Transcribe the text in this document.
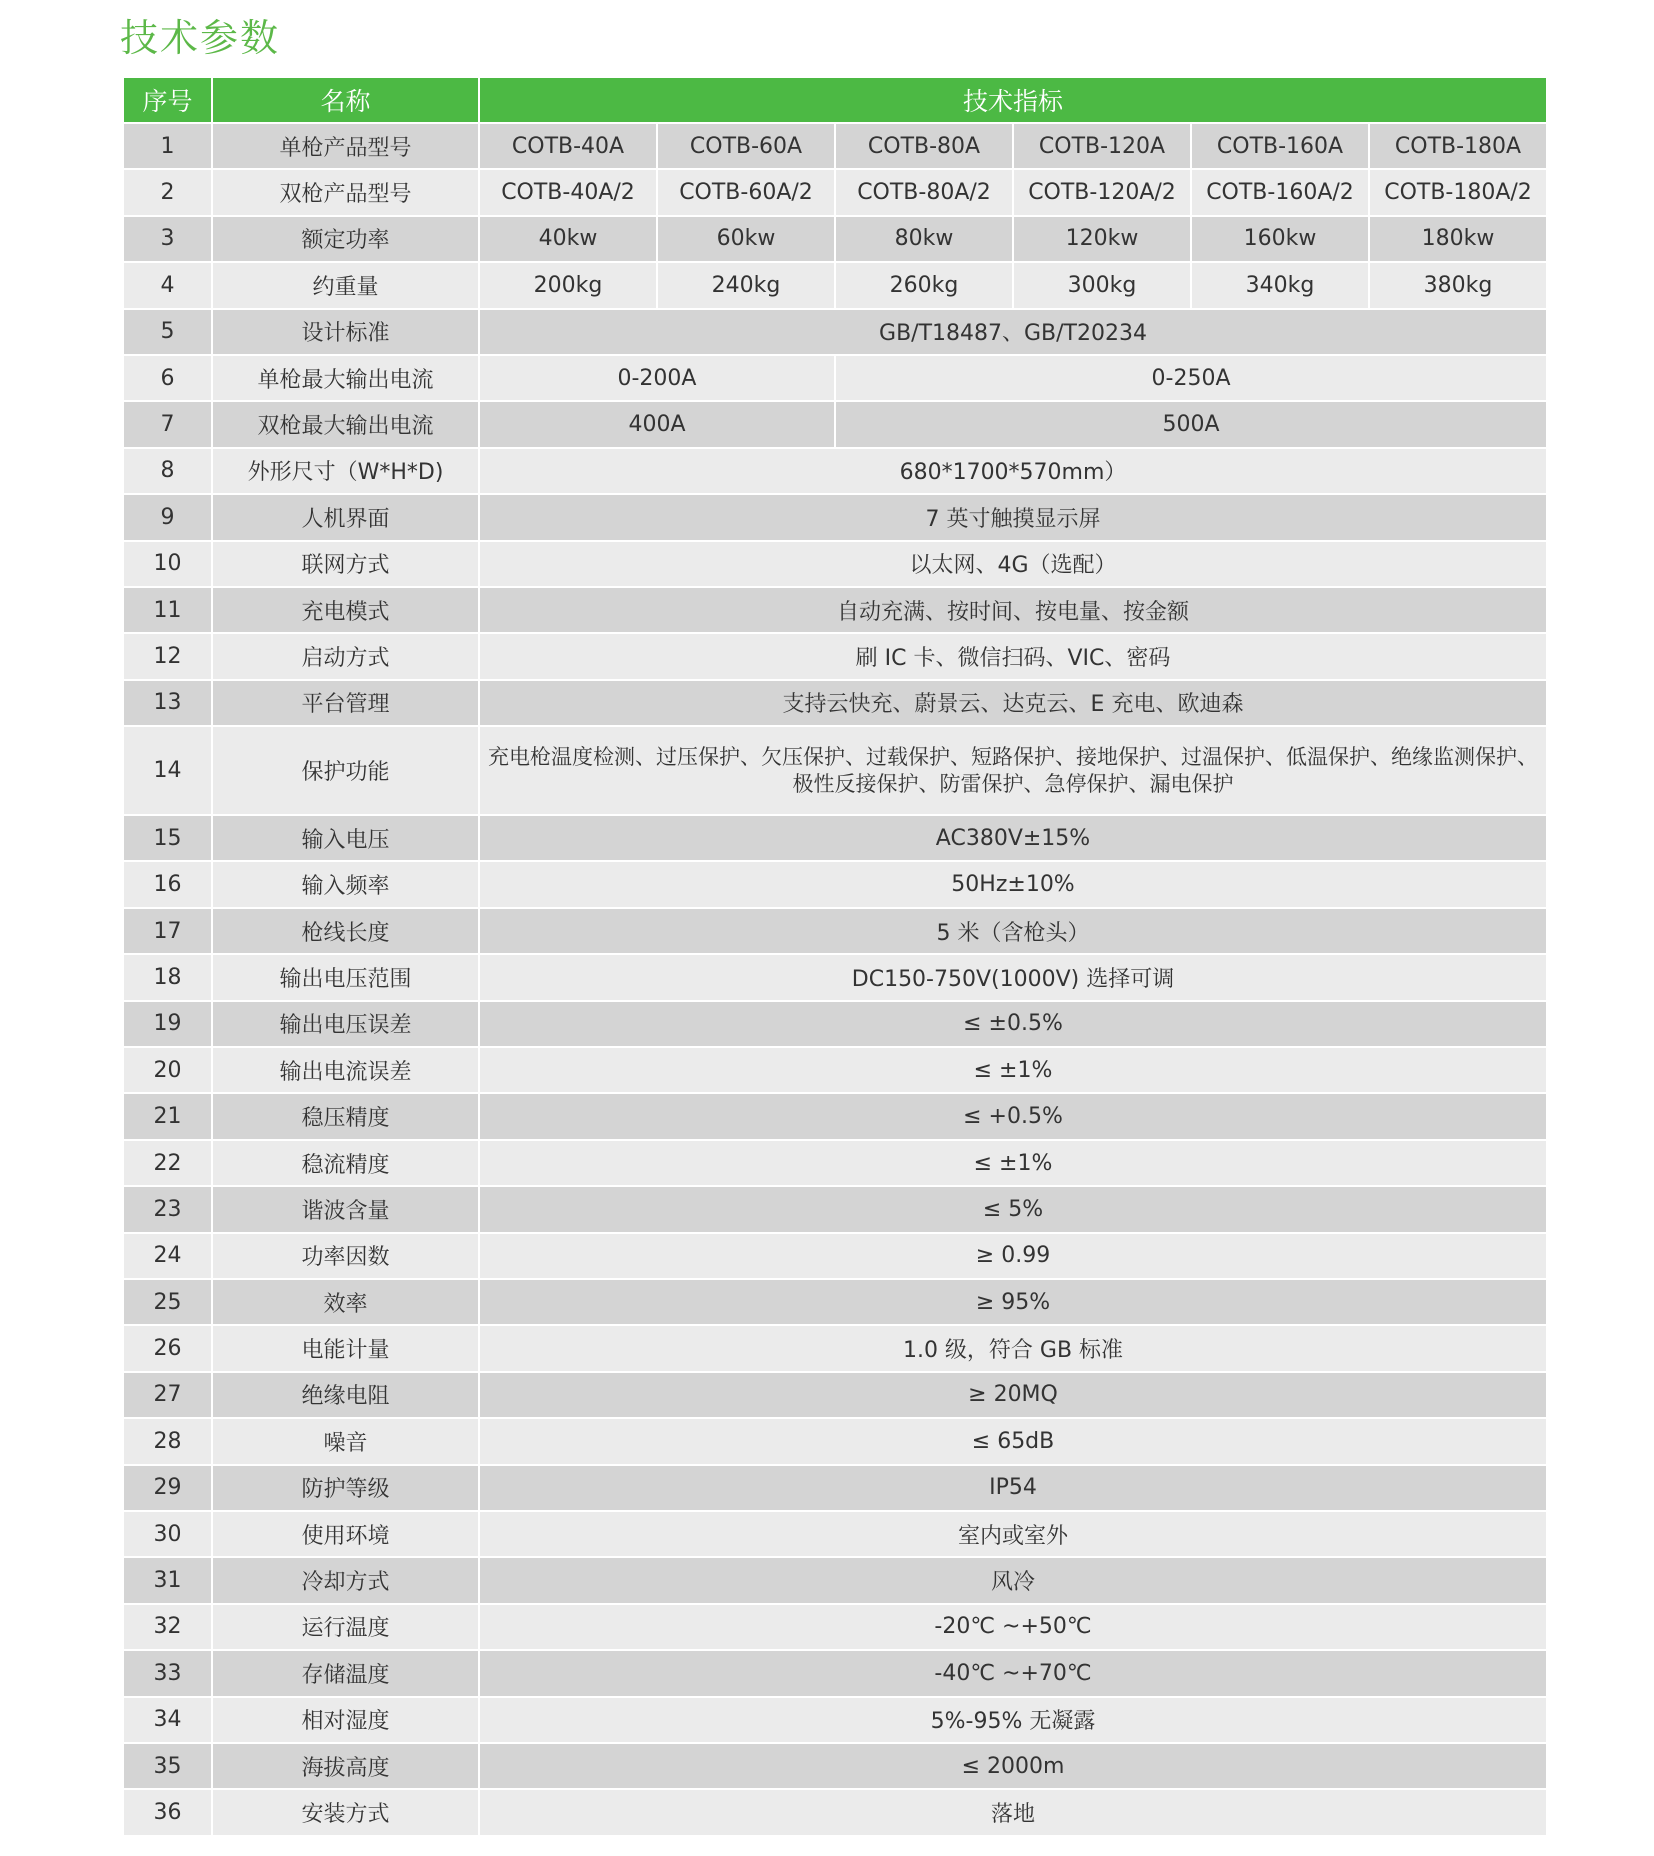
技术参数
序号	名称	技术指标					
1	单枪产品型号	COTB-40A	COTB-60A	COTB-80A	COTB-120A	COTB-160A	COTB-180A
2	双枪产品型号	COTB-40A/2	COTB-60A/2	COTB-80A/2	COTB-120A/2	COTB-160A/2	COTB-180A/2
3	额定功率	40kw	60kw	80kw	120kw	160kw	180kw
4	约重量	200kg	240kg	260kg	300kg	340kg	380kg
5	设计标准	GB/T18487、GB/T20234					
6	单枪最大输出电流	0-200A		0-250A			
7	双枪最大输出电流	400A		500A			
8	外形尺寸（W*H*D)	680*1700*570mm）					
9	人机界面	7 英寸触摸显示屏					
10	联网方式	以太网、4G（选配）					
11	充电模式	自动充满、按时间、按电量、按金额					
12	启动方式	刷 IC 卡、微信扫码、VIC、密码					
13	平台管理	支持云快充、蔚景云、达克云、E 充电、欧迪森					
14	保护功能	充电枪温度检测、过压保护、欠压保护、过载保护、短路保护、接地保护、过温保护、低温保护、绝缘监测保护、极性反接保护、防雷保护、急停保护、漏电保护					
15	输入电压	AC380V±15%					
16	输入频率	50Hz±10%					
17	枪线长度	5 米（含枪头）					
18	输出电压范围	DC150-750V(1000V) 选择可调					
19	输出电压误差	≤ ±0.5%					
20	输出电流误差	≤ ±1%					
21	稳压精度	≤ +0.5%					
22	稳流精度	≤ ±1%					
23	谐波含量	≤ 5%					
24	功率因数	≥ 0.99					
25	效率	≥ 95%					
26	电能计量	1.0 级，符合 GB 标准					
27	绝缘电阻	≥ 20MQ					
28	噪音	≤ 65dB					
29	防护等级	IP54					
30	使用环境	室内或室外					
31	冷却方式	风冷					
32	运行温度	-20℃ ~+50℃					
33	存储温度	-40℃ ~+70℃					
34	相对湿度	5%-95% 无凝露					
35	海拔高度	≤ 2000m					
36	安装方式	落地					
